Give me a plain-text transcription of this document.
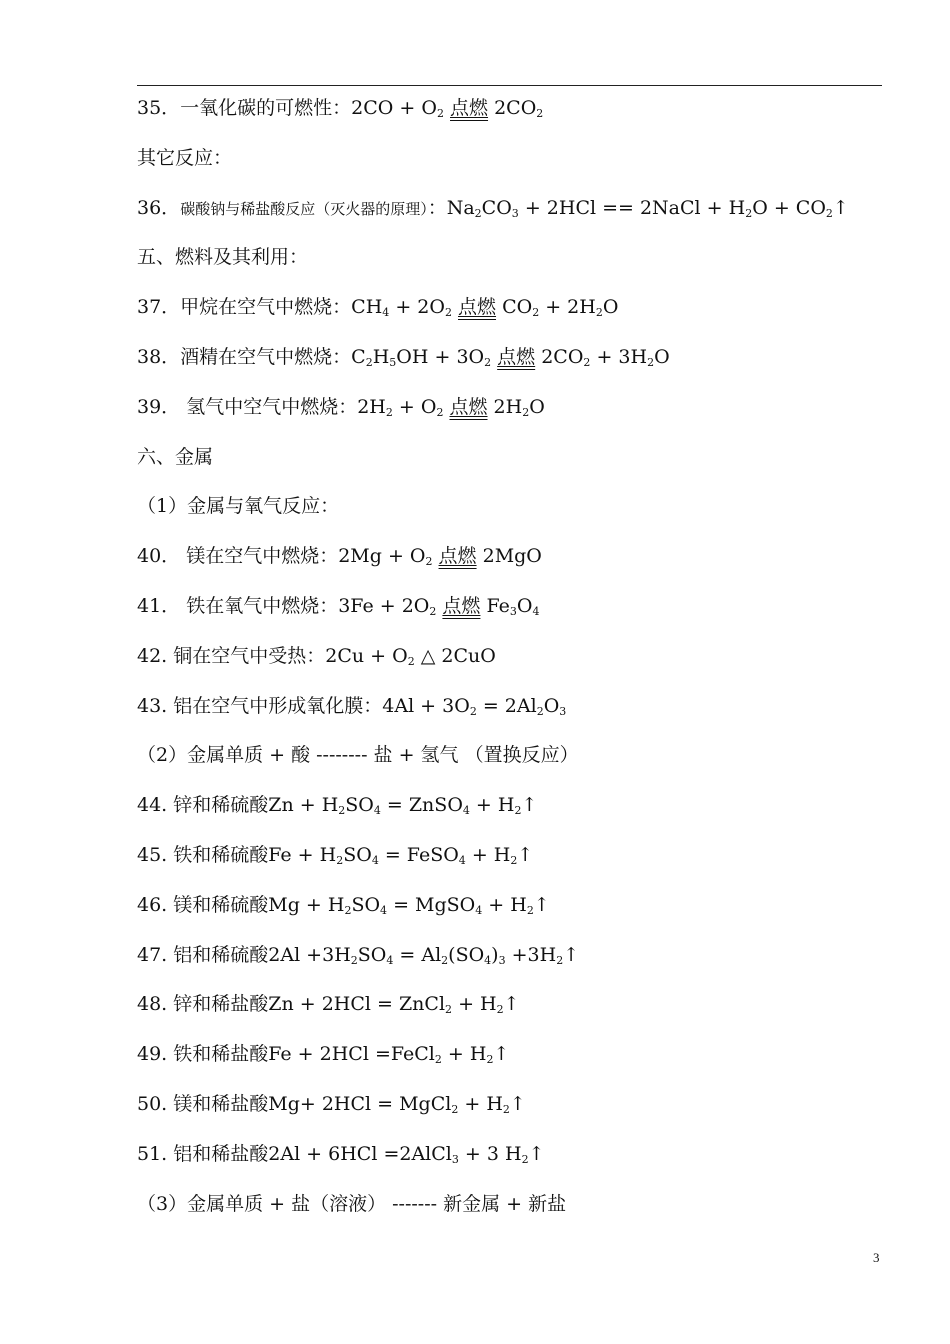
35．一氧化碳的可燃性：$2CO + O_2$ 点燃 $2CO_2$
其它反应：
36．碳酸钠与稀盐酸反应（灭火器的原理）：$Na_2CO_3 + 2HCl$ == 2NaCl + $H_2O$ + $CO_2↑$
五、燃料及其利用：
37．甲烷在空气中燃烧：$CH_4 + 2O_2$ 点燃 $CO_2 + 2H_2O$
38．酒精在空气中燃烧：$C_2H_5OH + 3O_2$ 点燃 $2CO_2 + 3H_2O$
39． 氢气中空气中燃烧：$2H_2 + O_2$ 点燃 $2H_2O$
六、金属
（1）金属与氧气反应：
40． 镁在空气中燃烧：$2Mg + O_2$ 点燃 2MgO
41． 铁在氧气中燃烧：$3Fe + 2O_2$ 点燃 $Fe_3O_4$
42. 铜在空气中受热：$2Cu + O_2$ △ 2CuO
43. 铝在空气中形成氧化膜：$4Al + 3O_2 = 2Al_2O_3$
（2）金属单质 + 酸 -------- 盐 + 氢气 （置换反应）
44. 锌和稀硫酸$Zn + H_2SO_4$ = ZnSO$_4$ + $H_2↑$
45. 铁和稀硫酸$Fe + H_2SO_4$ = FeSO$_4$ + $H_2↑$
46. 镁和稀硫酸$Mg + H_2SO_4$ = MgSO$_4$ + $H_2↑$
47. 铝和稀硫酸$2Al +3H_2SO_4 = Al_2(SO_4)_3$ $+3H_2↑$
48. 锌和稀盐酸Zn + 2HCl = ZnCl$_2$ + $H_2↑$
49. 铁和稀盐酸Fe + 2HCl =FeCl$_2$ + $H_2↑$
50. 镁和稀盐酸Mg+ 2HCl = MgCl$_2$ + $H_2↑$
51. 铝和稀盐酸2Al + 6HCl =2AlCl$_3$ + 3 $H_2↑$
（3）金属单质 + 盐（溶液） ------- 新金属 + 新盐
3
